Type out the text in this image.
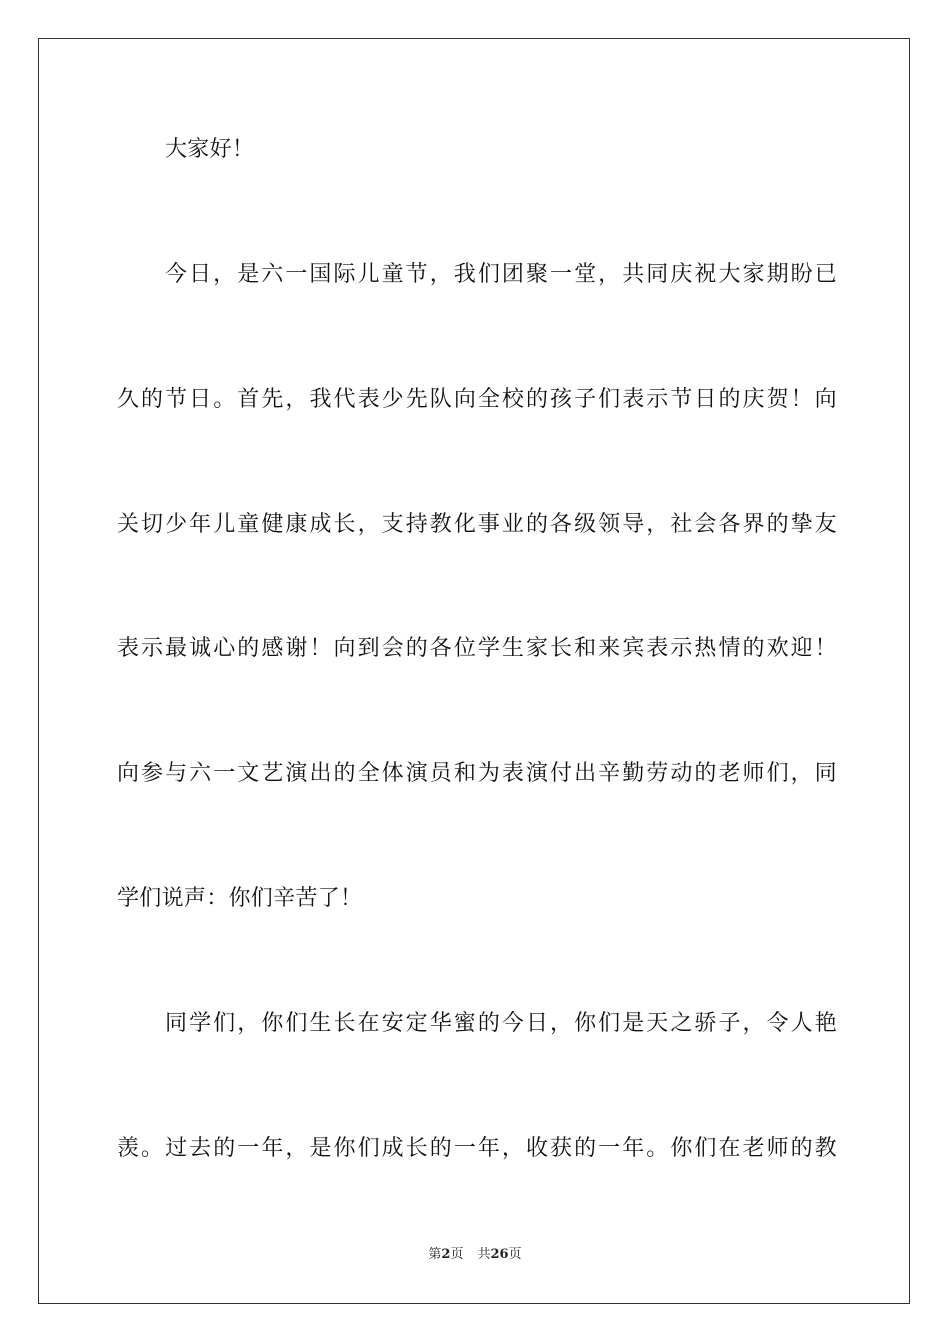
大家好！
今日，是六一国际儿童节，我们团聚一堂，共同庆祝大家期盼已
久的节日。首先，我代表少先队向全校的孩子们表示节日的庆贺！向
关切少年儿童健康成长，支持教化事业的各级领导，社会各界的挚友
表示最诚心的感谢！向到会的各位学生家长和来宾表示热情的欢迎！
向参与六一文艺演出的全体演员和为表演付出辛勤劳动的老师们，同
学们说声：你们辛苦了！
同学们，你们生长在安定华蜜的今日，你们是天之骄子，令人艳
羡。过去的一年，是你们成长的一年，收获的一年。你们在老师的教
第2页 共26页
